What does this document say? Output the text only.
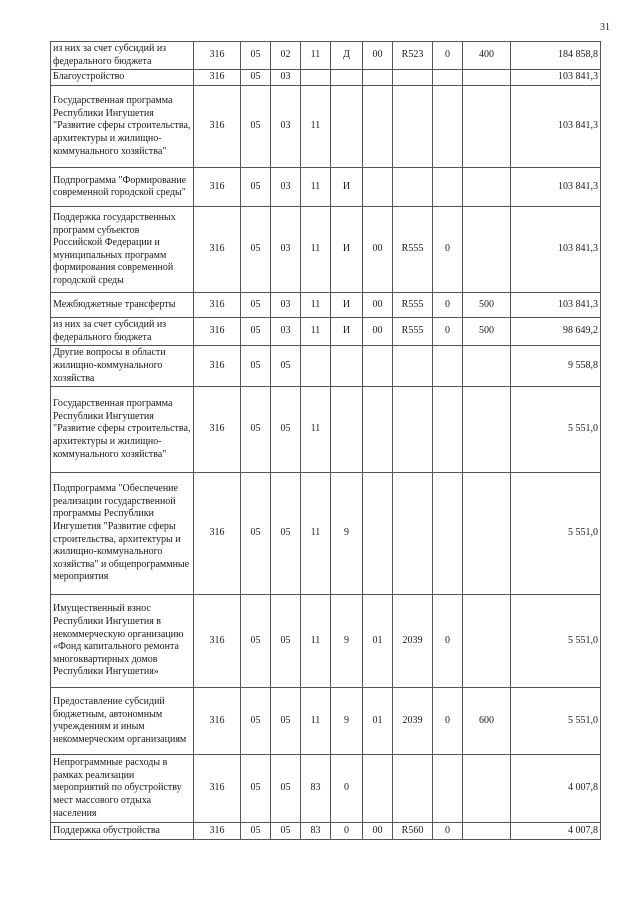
31
из них за счет субсидий из федерального бюджета	316	05	02	11	Д	00	R523	0	400	184 858,8
Благоустройство	316	05	03							103 841,3
Государственная программа Республики Ингушетия "Развитие сферы строительства, архитектуры и жилищно-коммунального хозяйства"	316	05	03	11						103 841,3
Подпрограмма "Формирование современной городской среды"	316	05	03	11	И					103 841,3
Поддержка государственных программ субъектов Российской Федерации и муниципальных программ формирования современной городской среды	316	05	03	11	И	00	R555	0		103 841,3
Межбюджетные трансферты	316	05	03	11	И	00	R555	0	500	103 841,3
из них за счет субсидий из федерального бюджета	316	05	03	11	И	00	R555	0	500	98 649,2
Другие вопросы в области жилищно-коммунального хозяйства	316	05	05							9 558,8
Государственная программа Республики Ингушетия "Развитие сферы строительства, архитектуры и жилищно-коммунального хозяйства"	316	05	05	11						5 551,0
Подпрограмма "Обеспечение реализации государственной программы Республики Ингушетия "Развитие сферы строительства, архитектуры и жилищно-коммунального хозяйства" и общепрограммные мероприятия	316	05	05	11	9					5 551,0
Имущественный взнос Республики Ингушетия в некоммерческую организацию «Фонд капитального ремонта многоквартирных домов Республики Ингушетия»	316	05	05	11	9	01	2039	0		5 551,0
Предоставление субсидий бюджетным, автономным учреждениям и иным некоммерческим организациям	316	05	05	11	9	01	2039	0	600	5 551,0
Непрограммные расходы в рамках реализации мероприятий по обустройству мест массового отдыха населения	316	05	05	83	0					4 007,8
Поддержка обустройства	316	05	05	83	0	00	R560	0		4 007,8
